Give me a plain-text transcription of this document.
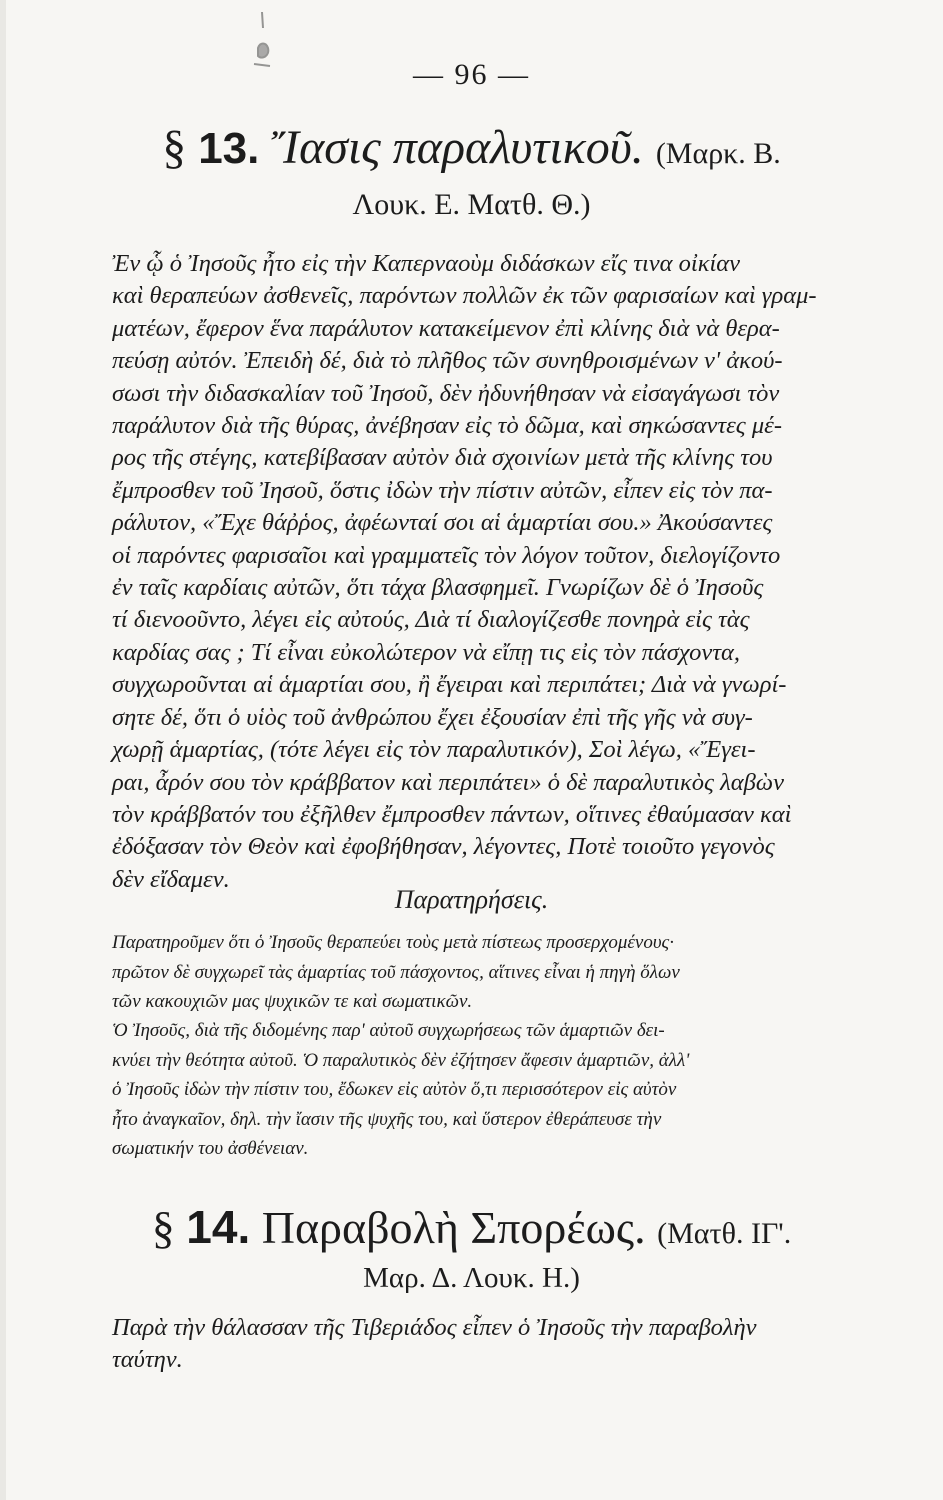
— 96 —
§ 13. Ἴασις παραλυτικοῦ. (Μαρκ. Β.
Λουκ. Ε. Ματθ. Θ.)
Ἐν ᾧ ὁ Ἰησοῦς ἦτο εἰς τὴν Καπερναοὺμ διδάσκων εἴς τινα οἰκίαν
καὶ θεραπεύων ἀσθενεῖς, παρόντων πολλῶν ἐκ τῶν φαρισαίων καὶ γραμ-
ματέων, ἔφερον ἕνα παράλυτον κατακείμενον ἐπὶ κλίνης διὰ νὰ θερα-
πεύσῃ αὐτόν. Ἐπειδὴ δέ, διὰ τὸ πλῆθος τῶν συνηθροισμένων ν' ἀκού-
σωσι τὴν διδασκαλίαν τοῦ Ἰησοῦ, δὲν ἠδυνήθησαν νὰ εἰσαγάγωσι τὸν
παράλυτον διὰ τῆς θύρας, ἀνέβησαν εἰς τὸ δῶμα, καὶ σηκώσαντες μέ-
ρος τῆς στέγης, κατεβίβασαν αὐτὸν διὰ σχοινίων μετὰ τῆς κλίνης του
ἔμπροσθεν τοῦ Ἰησοῦ, ὅστις ἰδὼν τὴν πίστιν αὐτῶν, εἶπεν εἰς τὸν πα-
ράλυτον, «Ἔχε θάῤῥος, ἀφέωνταί σοι αἱ ἁμαρτίαι σου.» Ἀκούσαντες
οἱ παρόντες φαρισαῖοι καὶ γραμματεῖς τὸν λόγον τοῦτον, διελογίζοντο
ἐν ταῖς καρδίαις αὐτῶν, ὅτι τάχα βλασφημεῖ. Γνωρίζων δὲ ὁ Ἰησοῦς
τί διενοοῦντο, λέγει εἰς αὐτούς, Διὰ τί διαλογίζεσθε πονηρὰ εἰς τὰς
καρδίας σας ; Τί εἶναι εὐκολώτερον νὰ εἴπῃ τις εἰς τὸν πάσχοντα,
συγχωροῦνται αἱ ἁμαρτίαι σου, ἢ ἔγειραι καὶ περιπάτει; Διὰ νὰ γνωρί-
σητε δέ, ὅτι ὁ υἱὸς τοῦ ἀνθρώπου ἔχει ἐξουσίαν ἐπὶ τῆς γῆς νὰ συγ-
χωρῇ ἁμαρτίας, (τότε λέγει εἰς τὸν παραλυτικόν), Σοὶ λέγω, «Ἔγει-
ραι, ἆρόν σου τὸν κράββατον καὶ περιπάτει» ὁ δὲ παραλυτικὸς λαβὼν
τὸν κράββατόν του ἐξῆλθεν ἔμπροσθεν πάντων, οἵτινες ἐθαύμασαν καὶ
ἐδόξασαν τὸν Θεὸν καὶ ἐφοβήθησαν, λέγοντες, Ποτὲ τοιοῦτο γεγονὸς
δὲν εἴδαμεν.
Παρατηρήσεις.
Παρατηροῦμεν ὅτι ὁ Ἰησοῦς θεραπεύει τοὺς μετὰ πίστεως προσερχομένους·
πρῶτον δὲ συγχωρεῖ τὰς ἁμαρτίας τοῦ πάσχοντος, αἵτινες εἶναι ἡ πηγὴ ὅλων
τῶν κακουχιῶν μας ψυχικῶν τε καὶ σωματικῶν.
Ὁ Ἰησοῦς, διὰ τῆς διδομένης παρ' αὐτοῦ συγχωρήσεως τῶν ἁμαρτιῶν δει-
κνύει τὴν θεότητα αὐτοῦ. Ὁ παραλυτικὸς δὲν ἐζήτησεν ἄφεσιν ἁμαρτιῶν, ἀλλ'
ὁ Ἰησοῦς ἰδὼν τὴν πίστιν του, ἔδωκεν εἰς αὐτὸν ὅ,τι περισσότερον εἰς αὐτὸν
ἦτο ἀναγκαῖον, δηλ. τὴν ἴασιν τῆς ψυχῆς του, καὶ ὕστερον ἐθεράπευσε τὴν
σωματικήν του ἀσθένειαν.
§ 14. Παραβολὴ Σπορέως. (Ματθ. ΙΓ'.
Μαρ. Δ. Λουκ. Η.)
Παρὰ τὴν θάλασσαν τῆς Τιβεριάδος εἶπεν ὁ Ἰησοῦς τὴν παραβολὴν
ταύτην.
